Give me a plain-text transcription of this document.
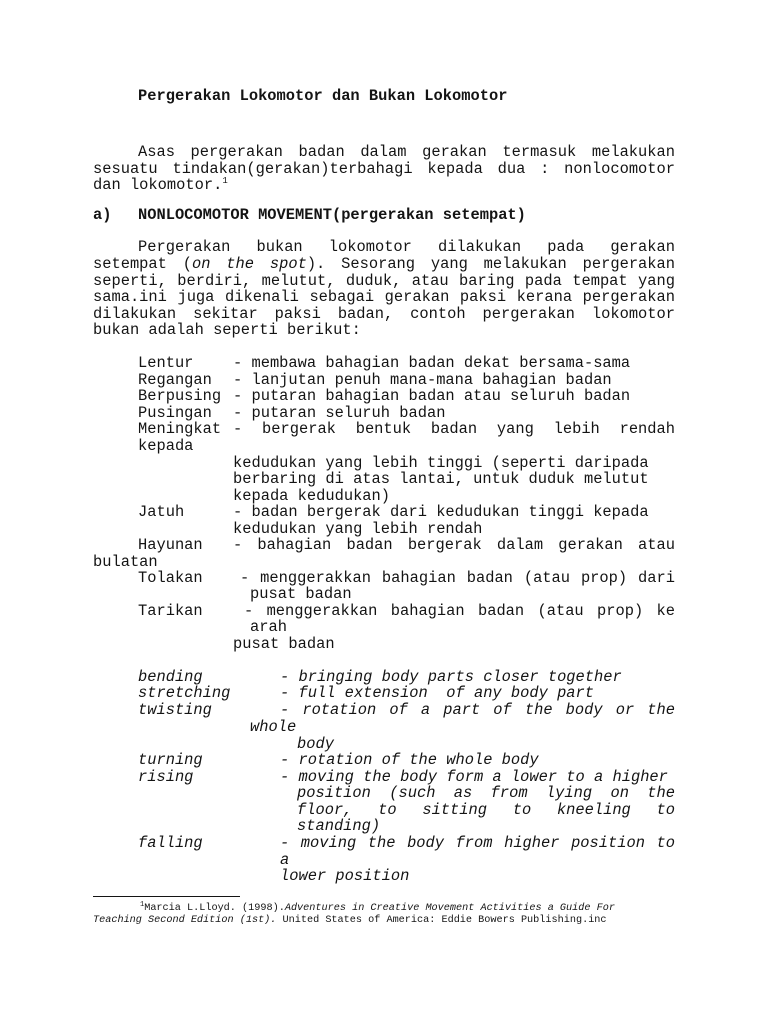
Pergerakan Lokomotor dan Bukan Lokomotor
Asas pergerakan badan dalam gerakan termasuk melakukan
sesuatu tindakan(gerakan)terbahagi kepada dua : nonlocomotor
dan lokomotor.$^1$
a) NONLOCOMOTOR MOVEMENT(pergerakan setempat)
Pergerakan bukan lokomotor dilakukan pada gerakan
setempat (on the spot). Sesorang yang melakukan pergerakan
seperti, berdiri, melutut, duduk, atau baring pada tempat yang
sama.ini juga dikenali sebagai gerakan paksi kerana pergerakan
dilakukan sekitar paksi badan, contoh pergerakan lokomotor
bukan adalah seperti berikut:
Lentur	- membawa bahagian badan dekat bersama-sama
Regangan - lanjutan penuh mana-mana bahagian badan
Berpusing - putaran bahagian badan atau seluruh badan
Pusingan - putaran seluruh badan
Meningkat - bergerak bentuk badan yang lebih rendah
kepada
kedudukan yang lebih tinggi (seperti daripada
berbaring di atas lantai, untuk duduk melutut
kepada kedudukan)
Jatuh	- badan bergerak dari kedudukan tinggi kepada
kedudukan yang lebih rendah
Hayunan - bahagian badan bergerak dalam gerakan atau
bulatan
Tolakan - menggerakkan bahagian badan (atau prop) dari
pusat badan
Tarikan	- menggerakkan bahagian badan (atau prop) ke
arah
pusat badan
bending	- bringing body parts closer together
stretching	- full extension  of any body part
twisting	- rotation of a part of the body or the
whole
body
turning	- rotation of the whole body
rising	- moving the body form a lower to a higher
position (such as from lying on the
floor, to sitting to kneeling to
standing)
falling	- moving the body from higher position to
a
lower position
$^1$Marcia L.Lloyd. (1998).Adventures in Creative Movement Activities a Guide For
Teaching Second Edition (1st). United States of America: Eddie Bowers Publishing.inc
